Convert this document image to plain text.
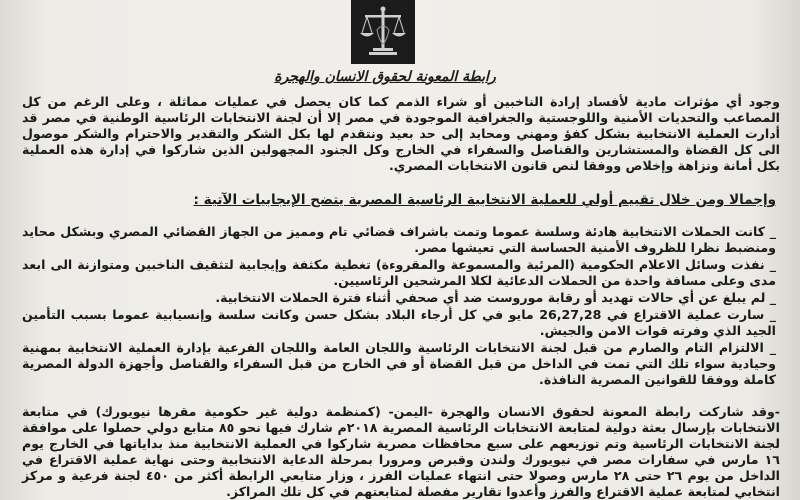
رابطة المعونة لحقوق الانسان والهجرة

وجود أي مؤثرات مادية لأفساد إرادة الناخبين أو شراء الذمم كما كان يحصل في عمليات مماثلة ، وعلى الرغم من كل المصاعب والتحديات الأمنية واللوجستية والجغرافية الموجودة في مصر إلا أن لجنة الانتخابات الرئاسية الوطنية في مصر قد أدارت العملية الانتخابية بشكل كفؤ ومهني ومحايد إلى حد بعيد ونتقدم لها بكل الشكر والتقدير والاحترام والشكر موصول الى كل القضاة والمستشارين والقناصل والسفراء في الخارج وكل الجنود المجهولين الذين شاركوا في إدارة هذه العملية بكل أمانة ونزاهة وإخلاص ووفقا لنص قانون الانتخابات المصري.

وإجمالا ومن خلال تقييم أولي للعملية الانتخابية الرئاسية المصرية يتضح الإيجابيات الآتية :

_ كانت الحملات الانتخابية هادئة وسلسة عموما وتمت باشراف قضائي تام ومميز من الجهاز القضائي المصري وبشكل محايد ومنضبط نظرا للظروف الأمنية الحساسة التي تعيشها مصر.

_ نفذت وسائل الاعلام الحكومية (المرئية والمسموعة والمقروءة) تغطية مكثفة وإيجابية لتثقيف الناخبين ومتوازنة الى ابعد مدى وعلى مسافة واحدة من الحملات الدعائية لكلا المرشحين الرئاسيين.

_ لم يبلغ عن أي حالات تهديد أو رقابة موروست ضد أي صحفي أثناء فترة الحملات الانتخابية.

_ سارت عملية الاقتراع في 26,27,28 مايو في كل أرجاء البلاد بشكل حسن وكانت سلسة وإنسيابية عموما بسبب التأمين الجيد الذي وفرته قوات الامن والجيش.

_ الالتزام التام والصارم من قبل لجنة الانتخابات الرئاسية واللجان العامة واللجان الفرعية بإدارة العملية الانتخابية بمهنية وحيادية سواء تلك التي تمت في الداخل من قبل القضاة أو في الخارج من قبل السفراء والقناصل وأجهزة الدولة المصرية كاملة ووفقا للقوانين المصرية النافذة.

-وقد شاركت رابطة المعونة لحقوق الانسان والهجرة -اليمن- (كمنظمة دولية غير حكومية مقرها نيويورك) في متابعة الانتخابات بإرسال بعثة دولية لمتابعة الانتخابات الرئاسية المصرية ٢٠١٨م شارك فيها نحو ٨٥ متابع دولي حصلوا على موافقة لجنة الانتخابات الرئاسية وتم توزيعهم على سبع محافظات مصرية شاركوا في العملية الانتخابية منذ بداياتها في الخارج يوم ١٦ مارس في سفارات مصر في نيويورك ولندن وقبرص ومرورا بمرحلة الدعاية الانتخابية وحتى نهاية عملية الاقتراع في الداخل من يوم ٢٦ حتى ٢٨ مارس وصولا حتى انتهاء عمليات الفرز ، وزار متابعي الرابطة أكثر من ٤٥٠ لجنة فرعية و مركز انتخابي لمتابعة عملية الاقتراع والفرز وأعدوا تقارير مفصلة لمتابعتهم في كل تلك المراكز.
